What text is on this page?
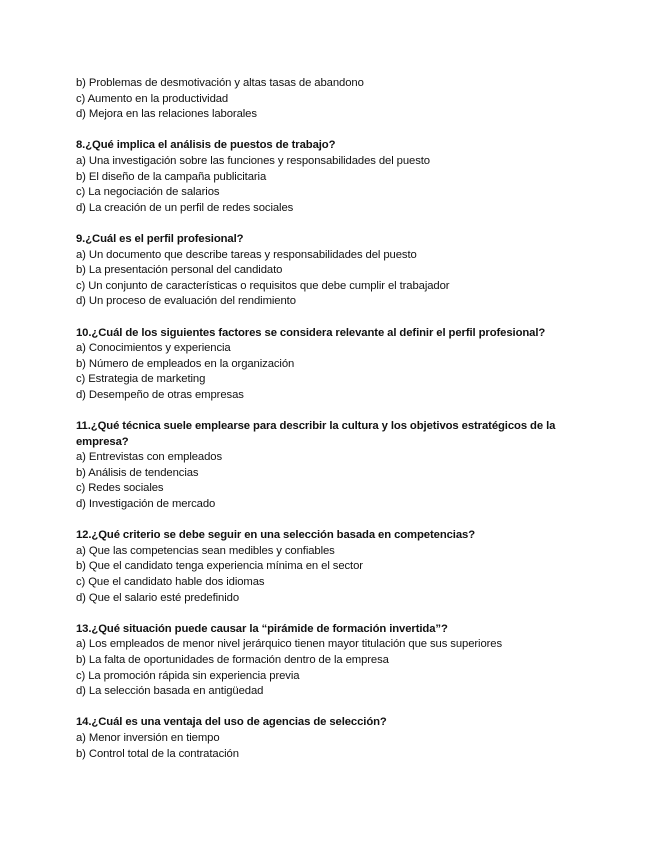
b) Problemas de desmotivación y altas tasas de abandono
c) Aumento en la productividad
d) Mejora en las relaciones laborales
8.¿Qué implica el análisis de puestos de trabajo?
a) Una investigación sobre las funciones y responsabilidades del puesto
b) El diseño de la campaña publicitaria
c) La negociación de salarios
d) La creación de un perfil de redes sociales
9.¿Cuál es el perfil profesional?
a) Un documento que describe tareas y responsabilidades del puesto
b) La presentación personal del candidato
c) Un conjunto de características o requisitos que debe cumplir el trabajador
d) Un proceso de evaluación del rendimiento
10.¿Cuál de los siguientes factores se considera relevante al definir el perfil profesional?
a) Conocimientos y experiencia
b) Número de empleados en la organización
c) Estrategia de marketing
d) Desempeño de otras empresas
11.¿Qué técnica suele emplearse para describir la cultura y los objetivos estratégicos de la empresa?
a) Entrevistas con empleados
b) Análisis de tendencias
c) Redes sociales
d) Investigación de mercado
12.¿Qué criterio se debe seguir en una selección basada en competencias?
a) Que las competencias sean medibles y confiables
b) Que el candidato tenga experiencia mínima en el sector
c) Que el candidato hable dos idiomas
d) Que el salario esté predefinido
13.¿Qué situación puede causar la “pirámide de formación invertida”?
a) Los empleados de menor nivel jerárquico tienen mayor titulación que sus superiores
b) La falta de oportunidades de formación dentro de la empresa
c) La promoción rápida sin experiencia previa
d) La selección basada en antigüedad
14.¿Cuál es una ventaja del uso de agencias de selección?
a) Menor inversión en tiempo
b) Control total de la contratación
